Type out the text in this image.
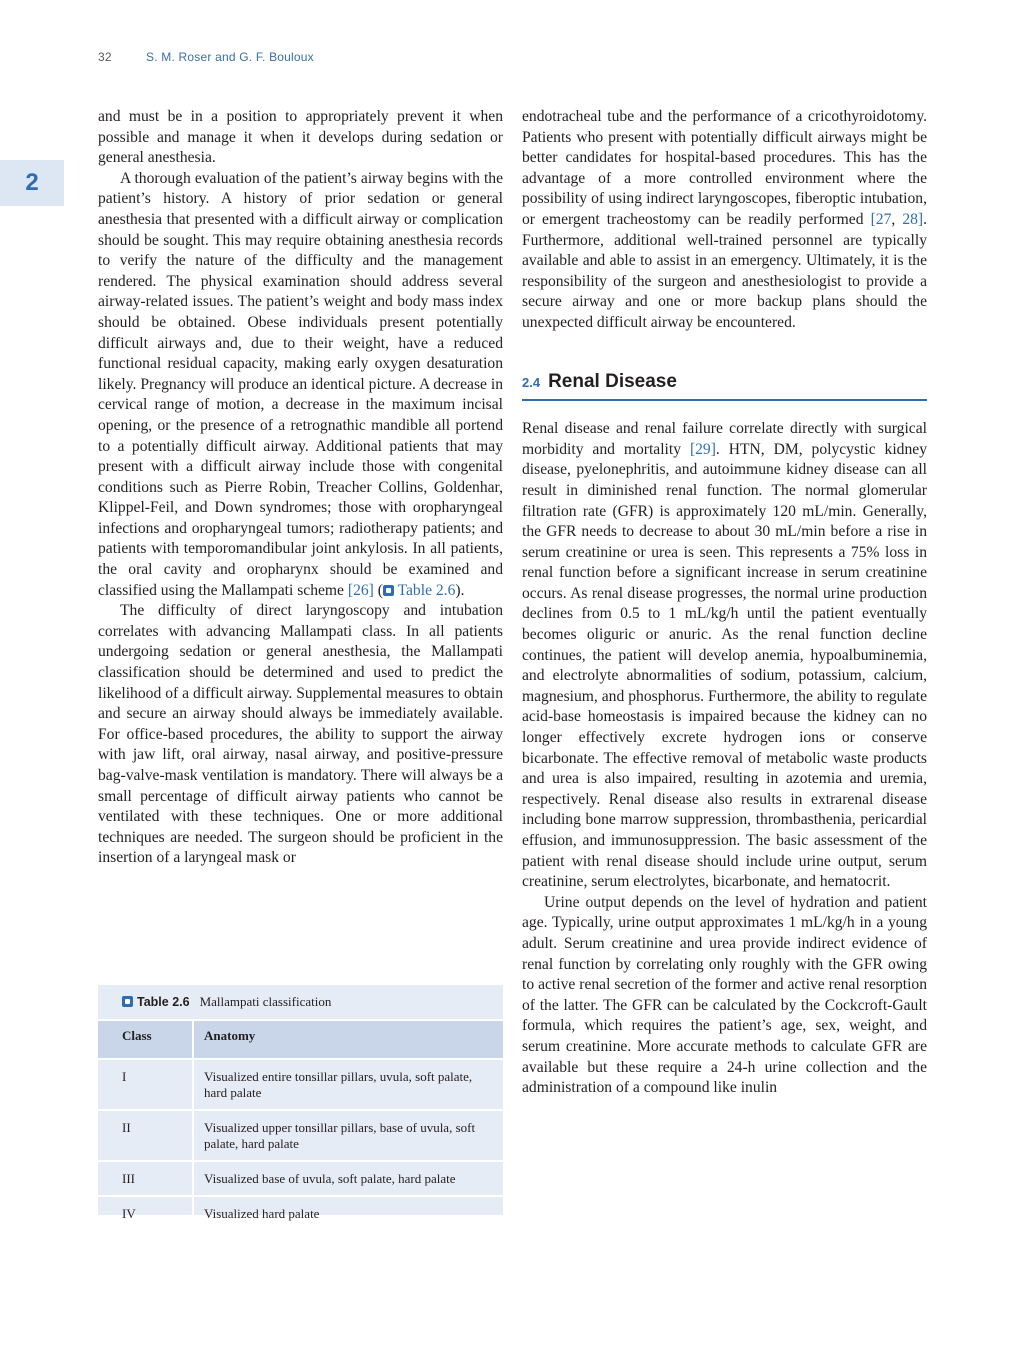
32	S. M. Roser and G. F. Bouloux
2

and must be in a position to appropriately prevent it when possible and manage it when it develops during sedation or general anesthesia.

A thorough evaluation of the patient’s airway begins with the patient’s history. A history of prior sedation or general anesthesia that presented with a difficult airway or complication should be sought. This may require obtaining anesthesia records to verify the nature of the difficulty and the management rendered. The physical examination should address several airway-related issues. The patient’s weight and body mass index should be obtained. Obese individuals present potentially difficult airways and, due to their weight, have a reduced functional residual capacity, making early oxygen desaturation likely. Pregnancy will produce an identical picture. A decrease in cervical range of motion, a decrease in the maximum incisal opening, or the presence of a retrognathic mandible all portend to a potentially difficult airway. Additional patients that may present with a difficult airway include those with congenital conditions such as Pierre Robin, Treacher Collins, Goldenhar, Klippel-Feil, and Down syndromes; those with oropharyngeal infections and oropharyngeal tumors; radiotherapy patients; and patients with temporomandibular joint ankylosis. In all patients, the oral cavity and oropharynx should be examined and classified using the Mallampati scheme [26] ( Table 2.6).

The difficulty of direct laryngoscopy and intubation correlates with advancing Mallampati class. In all patients undergoing sedation or general anesthesia, the Mallampati classification should be determined and used to predict the likelihood of a difficult airway. Supplemental measures to obtain and secure an airway should always be immediately available. For office-based procedures, the ability to support the airway with jaw lift, oral airway, nasal airway, and positive-pressure bag-valve-mask ventilation is mandatory. There will always be a small percentage of difficult airway patients who cannot be ventilated with these techniques. One or more additional techniques are needed. The surgeon should be proficient in the insertion of a laryngeal mask or

endotracheal tube and the performance of a cricothyroidotomy. Patients who present with potentially difficult airways might be better candidates for hospital-based procedures. This has the advantage of a more controlled environment where the possibility of using indirect laryngoscopes, fiberoptic intubation, or emergent tracheostomy can be readily performed [27, 28]. Furthermore, additional well-trained personnel are typically available and able to assist in an emergency. Ultimately, it is the responsibility of the surgeon and anesthesiologist to provide a secure airway and one or more backup plans should the unexpected difficult airway be encountered.

2.4 Renal Disease

Renal disease and renal failure correlate directly with surgical morbidity and mortality [29]. HTN, DM, polycystic kidney disease, pyelonephritis, and autoimmune kidney disease can all result in diminished renal function. The normal glomerular filtration rate (GFR) is approximately 120 mL/min. Generally, the GFR needs to decrease to about 30 mL/min before a rise in serum creatinine or urea is seen. This represents a 75% loss in renal function before a significant increase in serum creatinine occurs. As renal disease progresses, the normal urine production declines from 0.5 to 1 mL/kg/h until the patient eventually becomes oliguric or anuric. As the renal function decline continues, the patient will develop anemia, hypoalbuminemia, and electrolyte abnormalities of sodium, potassium, calcium, magnesium, and phosphorus. Furthermore, the ability to regulate acid-base homeostasis is impaired because the kidney can no longer effectively excrete hydrogen ions or conserve bicarbonate. The effective removal of metabolic waste products and urea is also impaired, resulting in azotemia and uremia, respectively. Renal disease also results in extrarenal disease including bone marrow suppression, thrombasthenia, pericardial effusion, and immunosuppression. The basic assessment of the patient with renal disease should include urine output, serum creatinine, serum electrolytes, bicarbonate, and hematocrit.

Urine output depends on the level of hydration and patient age. Typically, urine output approximates 1 mL/kg/h in a young adult. Serum creatinine and urea provide indirect evidence of renal function by correlating only roughly with the GFR owing to active renal secretion of the former and active renal resorption of the latter. The GFR can be calculated by the Cockcroft-Gault formula, which requires the patient’s age, sex, weight, and serum creatinine. More accurate methods to calculate GFR are available but these require a 24-h urine collection and the administration of a compound like inulin

Table 2.6 Mallampati classification
Class	Anatomy
I	Visualized entire tonsillar pillars, uvula, soft palate, hard palate
II	Visualized upper tonsillar pillars, base of uvula, soft palate, hard palate
III	Visualized base of uvula, soft palate, hard palate
IV	Visualized hard palate
